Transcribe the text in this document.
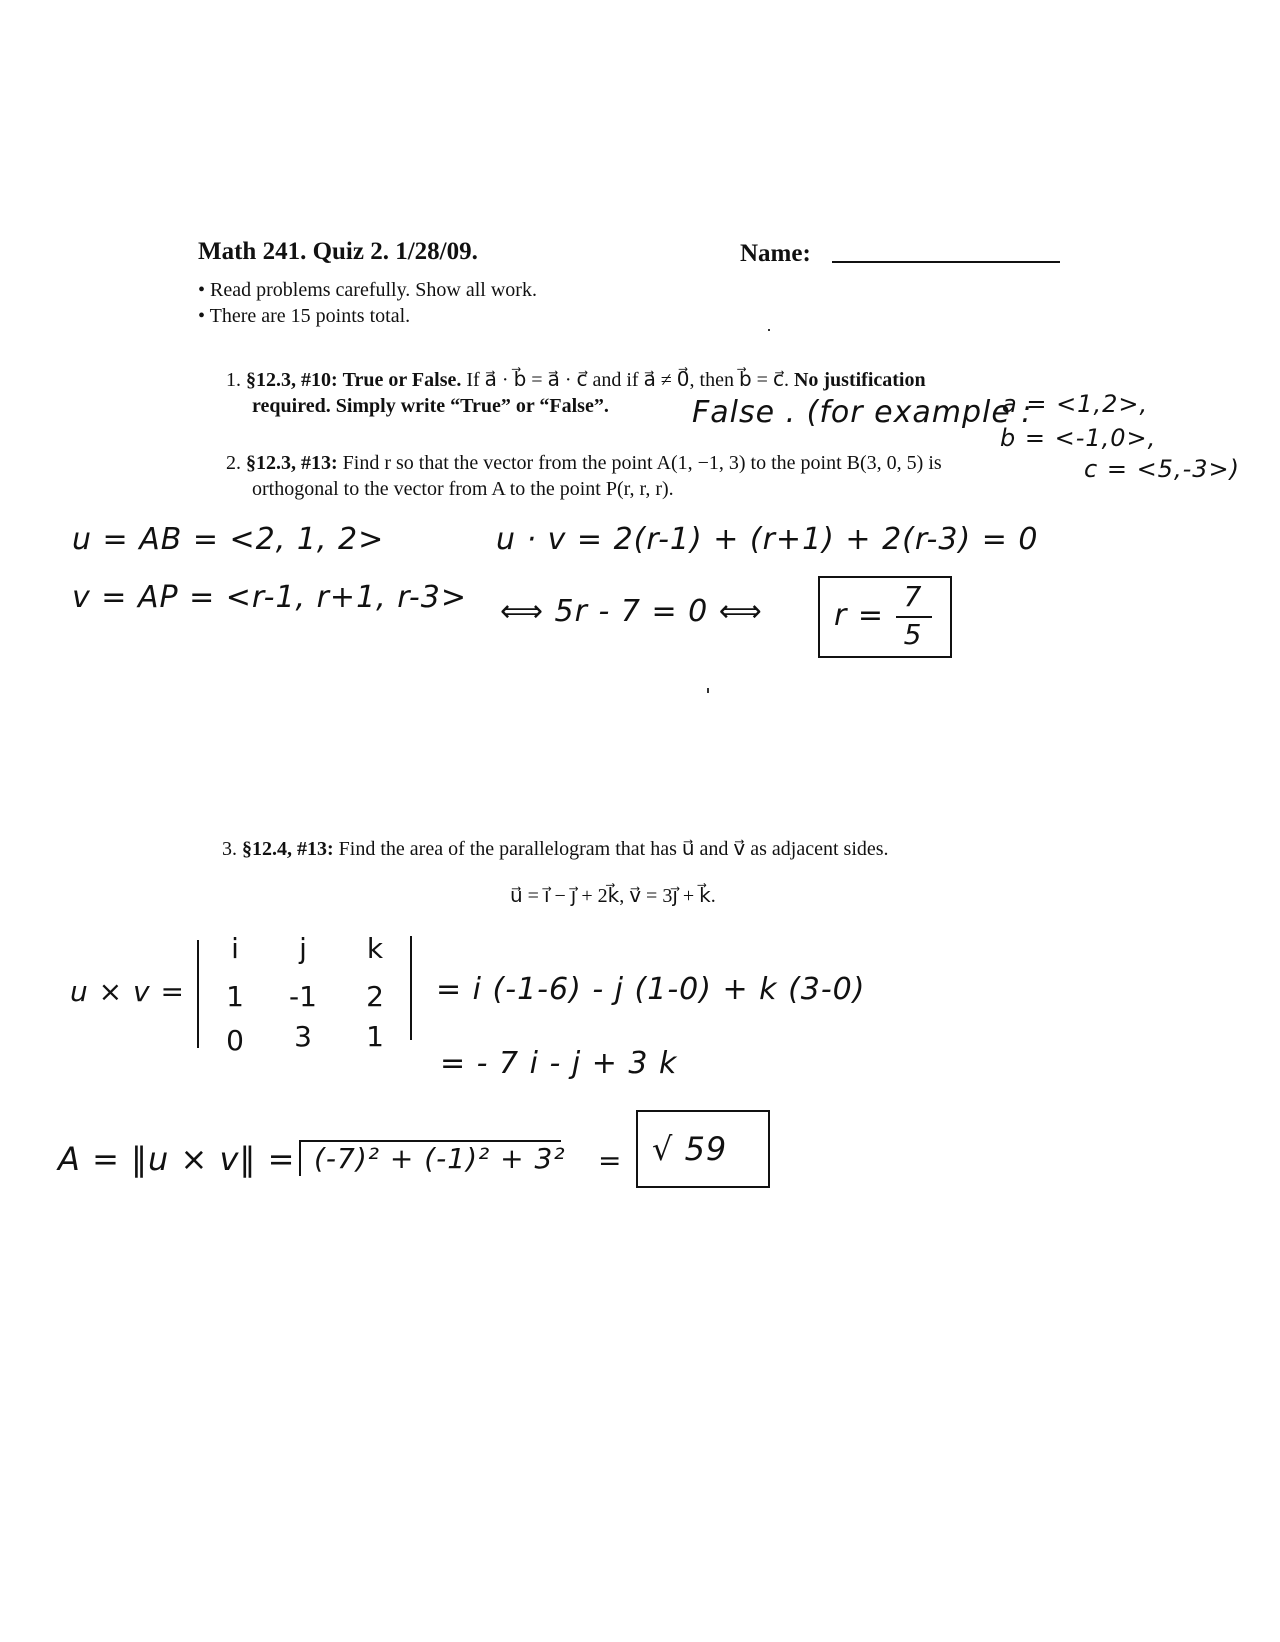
Math 241. Quiz 2. 1/28/09.	Name:
• Read problems carefully. Show all work.
• There are 15 points total.
1. §12.3, #10: True or False. If a⃗ · b⃗ = a⃗ · c⃗ and if a⃗ ≠ 0⃗, then b⃗ = c⃗. No justification
required. Simply write “True” or “False”.	False . (for example :
a = <1,2>,
b = <-1,0>,
c = <5,-3>)
2. §12.3, #13: Find r so that the vector from the point A(1, −1, 3) to the point B(3, 0, 5) is
orthogonal to the vector from A to the point P(r, r, r).
u = AB = <2, 1, 2>
v = AP = <r-1, r+1, r-3>
u · v = 2(r-1) + (r+1) + 2(r-3) = 0
⟺ 5r - 7 = 0 ⟺ r =
7
5
3. §12.4, #13: Find the area of the parallelogram that has u⃗ and v⃗ as adjacent sides.
u⃗ = i⃗ − j⃗ + 2k⃗, v⃗ = 3j⃗ + k⃗.
u × v =
i	j	k
1	-1	2
0	3	1
= i (-1-6) - j (1-0) + k (3-0)
= - 7 i - j + 3 k
A = ‖u × v‖ = (-7)² + (-1)² + 3² = √ 59
